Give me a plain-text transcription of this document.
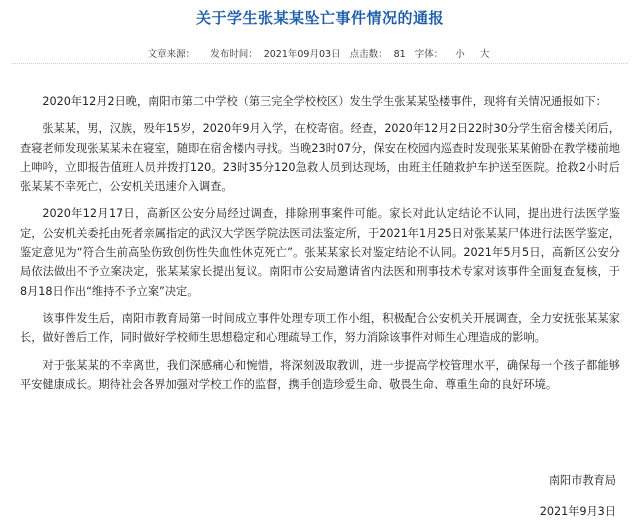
关于学生张某某坠亡事件情况的通报
文章来源： 发布时间： 2021年09月03日 点击数： 81 字体： 小 大

2020年12月2日晚，南阳市第二中学校（第三完全学校校区）发生学生张某某坠楼事件，现将有关情况通报如下：

张某某，男，汉族，殁年15岁，2020年9月入学，在校寄宿。经查，2020年12月2日22时30分学生宿舍楼关闭后，查寝老师发现张某某未在寝室，随即在宿舍楼内寻找。当晚23时07分，保安在校园内巡查时发现张某某俯卧在教学楼前地上呻吟，立即报告值班人员并拨打120。23时35分120急救人员到达现场，由班主任随救护车护送至医院。抢救2小时后张某某不幸死亡，公安机关迅速介入调查。

2020年12月17日，高新区公安分局经过调查，排除刑事案件可能。家长对此认定结论不认同，提出进行法医学鉴定，公安机关委托由死者亲属指定的武汉大学医学院法医司法鉴定所，于2021年1月25日对张某某尸体进行法医学鉴定，鉴定意见为“符合生前高坠伤致创伤性失血性休克死亡”。张某某家长对鉴定结论不认同。2021年5月5日，高新区公安分局依法做出不予立案决定，张某某家长提出复议。南阳市公安局邀请省内法医和刑事技术专家对该事件全面复查复核，于8月18日作出“维持不予立案”决定。

该事件发生后，南阳市教育局第一时间成立事件处理专项工作小组，积极配合公安机关开展调查，全力安抚张某某家长，做好善后工作，同时做好学校师生思想稳定和心理疏导工作，努力消除该事件对师生心理造成的影响。

对于张某某的不幸离世，我们深感痛心和惋惜，将深刻汲取教训，进一步提高学校管理水平，确保每一个孩子都能够平安健康成长。期待社会各界加强对学校工作的监督，携手创造珍爱生命、敬畏生命、尊重生命的良好环境。

南阳市教育局
2021年9月3日
